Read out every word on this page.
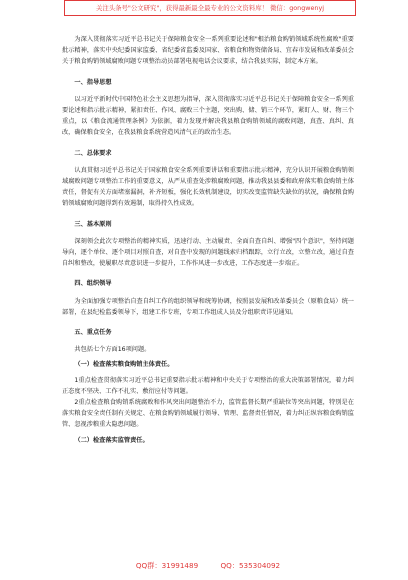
关注头条号"公文研究"，获得最新最全最专业的公文资料库！ 微信：gongwenyj

为深入贯彻落实习近平总书记关于保障粮食安全一系列重要论述和"根治粮食购销领域系统性腐败"重要批示精神，落实中央纪委国家监委、省纪委省监委及国家、省粮食和物资储备局、宜春市发展和改革委员会关于粮食购销领域腐败问题专项整治动员部署电视电话会议要求，结合我县实际，制定本方案。

一、指导思想

以习近平新时代中国特色社会主义思想为指导，深入贯彻落实习近平总书记关于保障粮食安全一系列重要论述和指示批示精神，紧扣责任、作风、腐败三个主题，突出购、储、销三个环节，紧盯人、财、物三个重点，以《粮食流通管理条例》为依据，着力发现并解决我县粮食购销领域的腐败问题，真查、真纠、真改，确保粮食安全，在我县粮食系统营造风清气正的政治生态。

二、总体要求

认真贯彻习近平总书记关于国家粮食安全系列重要讲话和重要指示批示精神，充分认识开展粮食购销领域腐败问题专项整治工作的重要意义，从严从重查处涉粮腐败问题，推动我县县委和政府落实粮食购销主体责任，督促有关方面堵塞漏洞，补齐短板，强化长效机制建设，切实改变监管缺失缺位的状况，确保粮食购销领域腐败问题得到有效遏制，取得持久性成效。

三、基本原则

深刻领会此次专项整治的精神实质，迅速行动、主动履责、全面自查自纠、增强"四个意识"，坚持问题导向，逐个单位、逐个项目对照自查，对自查中发现的问题线索归档跟踪，立行立改，立整立改，通过自查自纠和整改，使履职尽责意识进一步提升，工作作风进一步改进，工作态度进一步端正。

四、组织领导

为全面加强专项整治自查自纠工作的组织领导和统筹协调，按照县发展和改革委员会（原粮食局）统一部署，在县纪检监委领导下，组建工作专班，专项工作组成人员及分组职责详见通知。

五、重点任务

共包括七个方面16项问题。

（一）检查落实粮食购销主体责任。

1重点检查贯彻落实习近平总书记重要指示批示精神和中央关于专项整治的重大决策部署情况，着力纠正态度不坚决、工作不扎实、敷衍应付等问题。

2重点检查粮食购销系统腐败和作风突出问题整治不力，监管监督长期严重缺位等突出问题，特别是在落实粮食安全责任制有关规定、在粮食购销领域履行领导、管理、监督责任情况，着力纠正纵容粮食购销监管、忽视涉粮重大隐患问题。

（二）检查落实监管责任。
QQ群：31991489	QQ：535304092
